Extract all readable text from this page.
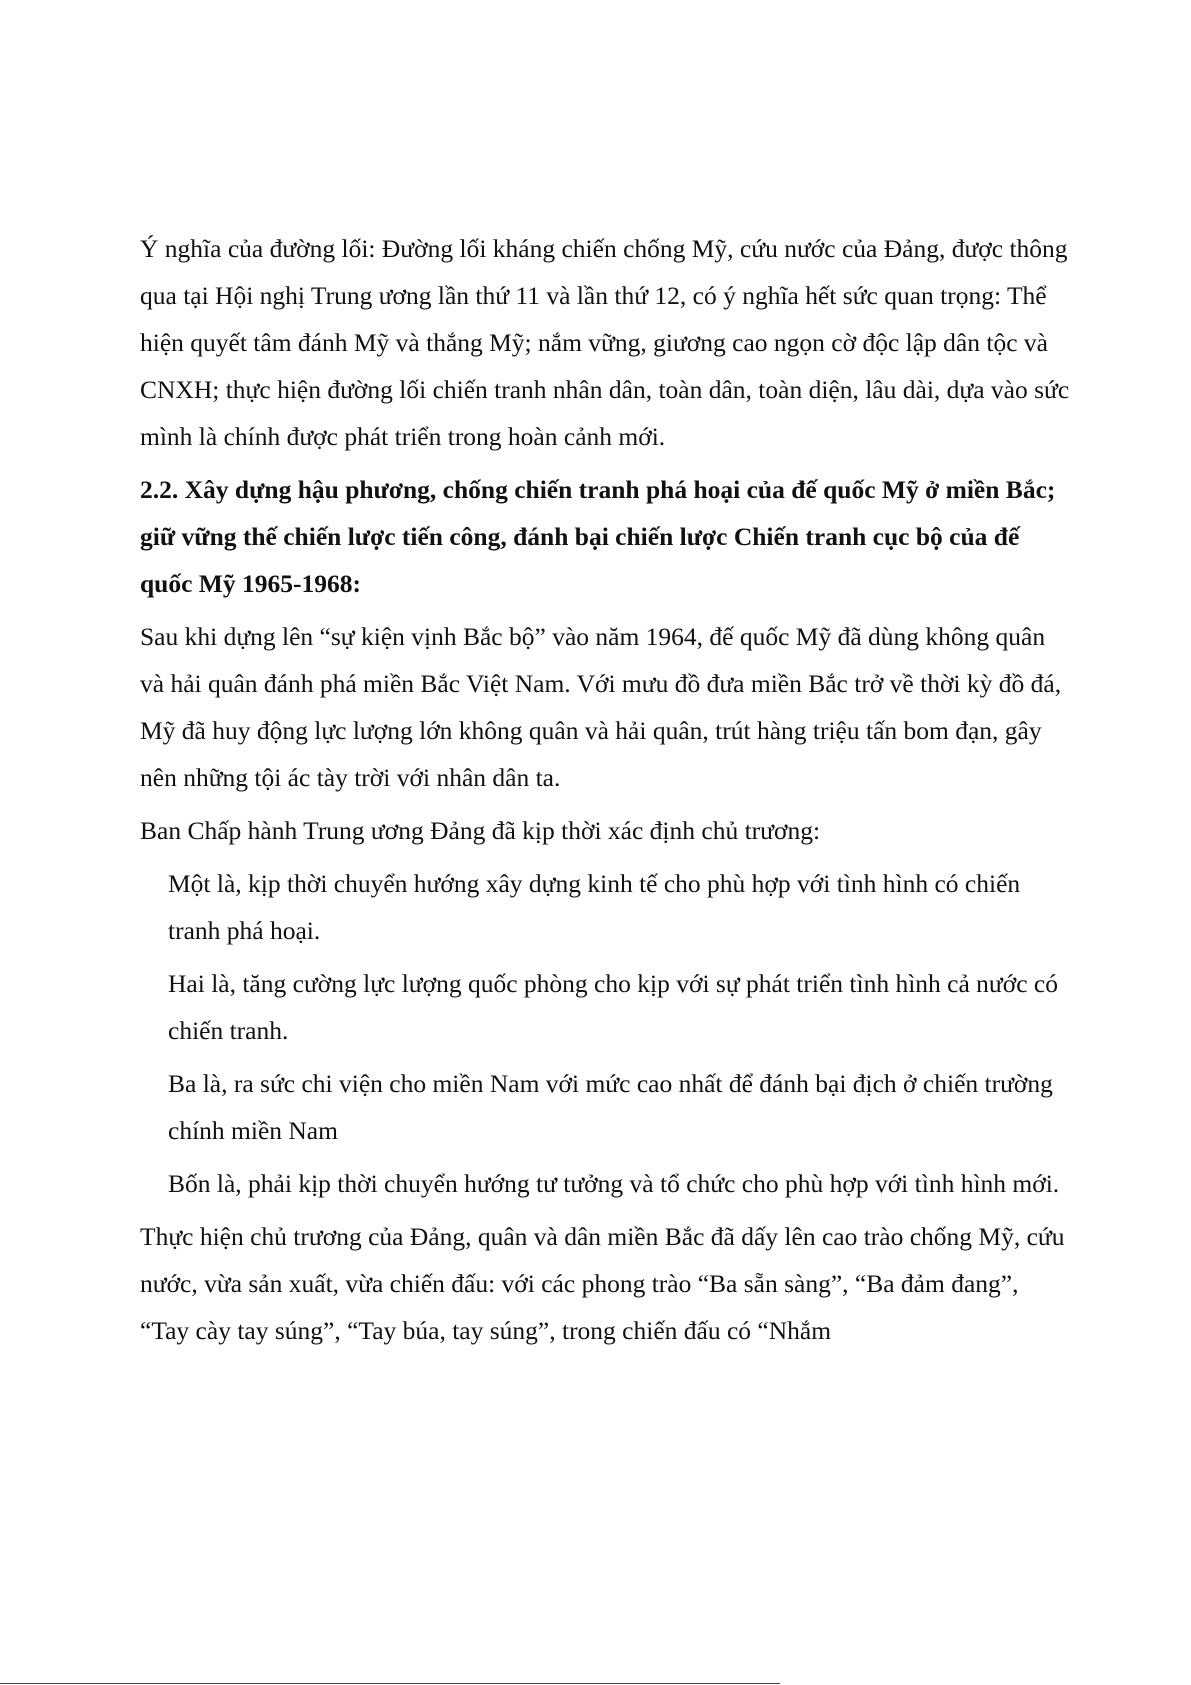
Ý nghĩa của đường lối: Đường lối kháng chiến chống Mỹ, cứu nước của Đảng, được thông qua tại Hội nghị Trung ương lần thứ 11 và lần thứ 12, có ý nghĩa hết sức quan trọng: Thể hiện quyết tâm đánh Mỹ và thắng Mỹ; nắm vững, giương cao ngọn cờ độc lập dân tộc và CNXH; thực hiện đường lối chiến tranh nhân dân, toàn dân, toàn diện, lâu dài, dựa vào sức mình là chính được phát triển trong hoàn cảnh mới.

2.2. Xây dựng hậu phương, chống chiến tranh phá hoại của đế quốc Mỹ ở miền Bắc; giữ vững thế chiến lược tiến công, đánh bại chiến lược Chiến tranh cục bộ của đế quốc Mỹ 1965-1968:

Sau khi dựng lên “sự kiện vịnh Bắc bộ” vào năm 1964, đế quốc Mỹ đã dùng không quân và hải quân đánh phá miền Bắc Việt Nam. Với mưu đồ đưa miền Bắc trở về thời kỳ đồ đá, Mỹ đã huy động lực lượng lớn không quân và hải quân, trút hàng triệu tấn bom đạn, gây nên những tội ác tày trời với nhân dân ta.

Ban Chấp hành Trung ương Đảng đã kịp thời xác định chủ trương:

Một là, kịp thời chuyển hướng xây dựng kinh tế cho phù hợp với tình hình có chiến tranh phá hoại.

Hai là, tăng cường lực lượng quốc phòng cho kịp với sự phát triển tình hình cả nước có chiến tranh.

Ba là, ra sức chi viện cho miền Nam với mức cao nhất để đánh bại địch ở chiến trường chính miền Nam

Bốn là, phải kịp thời chuyển hướng tư tưởng và tổ chức cho phù hợp với tình hình mới.

Thực hiện chủ trương của Đảng, quân và dân miền Bắc đã dấy lên cao trào chống Mỹ, cứu nước, vừa sản xuất, vừa chiến đấu: với các phong trào “Ba sẵn sàng”, “Ba đảm đang”, “Tay cày tay súng”, “Tay búa, tay súng”, trong chiến đấu có “Nhắm
